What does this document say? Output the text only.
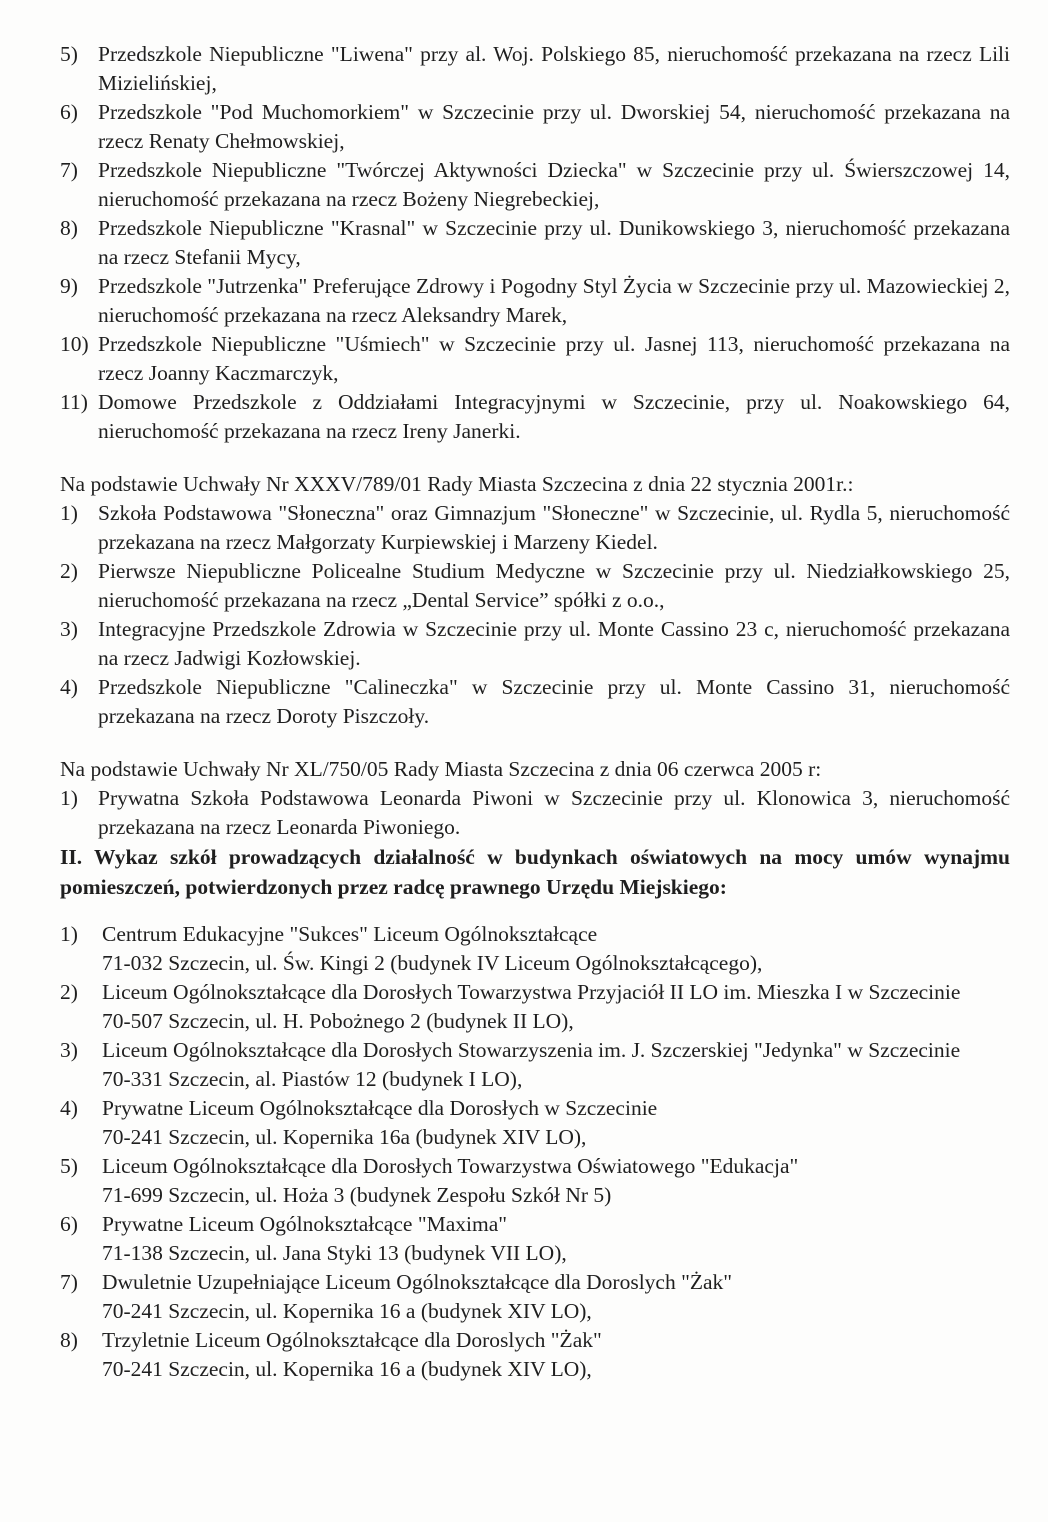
5) Przedszkole Niepubliczne "Liwena" przy al. Woj. Polskiego 85, nieruchomość przekazana na rzecz Lili Mizielińskiej,
6) Przedszkole "Pod Muchomorkiem" w Szczecinie przy ul. Dworskiej 54, nieruchomość przekazana na rzecz Renaty Chełmowskiej,
7) Przedszkole Niepubliczne "Twórczej Aktywności Dziecka" w Szczecinie przy ul. Świerszczowej 14, nieruchomość przekazana na rzecz Bożeny Niegrebeckiej,
8) Przedszkole Niepubliczne "Krasnal" w Szczecinie przy ul. Dunikowskiego 3, nieruchomość przekazana na rzecz Stefanii Mycy,
9) Przedszkole "Jutrzenka" Preferujące Zdrowy i Pogodny Styl Życia w Szczecinie przy ul. Mazowieckiej 2, nieruchomość przekazana na rzecz Aleksandry Marek,
10) Przedszkole Niepubliczne "Uśmiech" w Szczecinie przy ul. Jasnej 113, nieruchomość przekazana na rzecz Joanny Kaczmarczyk,
11) Domowe Przedszkole z Oddziałami Integracyjnymi w Szczecinie, przy ul. Noakowskiego 64, nieruchomość przekazana na rzecz Ireny Janerki.

Na podstawie Uchwały Nr XXXV/789/01 Rady Miasta Szczecina z dnia 22 stycznia 2001r.:

1) Szkoła Podstawowa "Słoneczna" oraz Gimnazjum "Słoneczne" w Szczecinie, ul. Rydla 5, nieruchomość przekazana na rzecz Małgorzaty Kurpiewskiej i Marzeny Kiedel.
2) Pierwsze Niepubliczne Policealne Studium Medyczne w Szczecinie przy ul. Niedziałkowskiego 25, nieruchomość przekazana na rzecz „Dental Service” spółki z o.o.,
3) Integracyjne Przedszkole Zdrowia w Szczecinie przy ul. Monte Cassino 23 c, nieruchomość przekazana na rzecz Jadwigi Kozłowskiej.
4) Przedszkole Niepubliczne "Calineczka" w Szczecinie przy ul. Monte Cassino 31, nieruchomość przekazana na rzecz Doroty Piszczoły.

Na podstawie Uchwały Nr XL/750/05 Rady Miasta Szczecina z dnia 06 czerwca 2005 r:

1) Prywatna Szkoła Podstawowa Leonarda Piwoni w Szczecinie przy ul. Klonowica 3, nieruchomość przekazana na rzecz Leonarda Piwoniego.

II. Wykaz szkół prowadzących działalność w budynkach oświatowych na mocy umów wynajmu pomieszczeń, potwierdzonych przez radcę prawnego Urzędu Miejskiego:

1)	Centrum Edukacyjne "Sukces" Liceum Ogólnokształcące
71-032 Szczecin, ul. Św. Kingi 2 (budynek IV Liceum Ogólnokształcącego),
2)	Liceum Ogólnokształcące dla Dorosłych Towarzystwa Przyjaciół II LO im. Mieszka I w Szczecinie
70-507 Szczecin, ul. H. Pobożnego 2 (budynek II LO),
3)	Liceum Ogólnokształcące dla Dorosłych Stowarzyszenia im. J. Szczerskiej "Jedynka" w Szczecinie
70-331 Szczecin, al. Piastów 12 (budynek I LO),
4)	Prywatne Liceum Ogólnokształcące dla Dorosłych w Szczecinie
70-241 Szczecin, ul. Kopernika 16a (budynek XIV LO),
5)	Liceum Ogólnokształcące dla Dorosłych Towarzystwa Oświatowego "Edukacja"
71-699 Szczecin, ul. Hoża 3 (budynek Zespołu Szkół Nr 5)
6)	Prywatne Liceum Ogólnokształcące "Maxima"
71-138 Szczecin, ul. Jana Styki 13 (budynek VII LO),
7)	Dwuletnie Uzupełniające Liceum Ogólnokształcące dla Doroslych "Żak"
70-241 Szczecin, ul. Kopernika 16 a (budynek XIV LO),
8)	Trzyletnie Liceum Ogólnokształcące dla Doroslych "Żak"
70-241 Szczecin, ul. Kopernika 16 a (budynek XIV LO),
